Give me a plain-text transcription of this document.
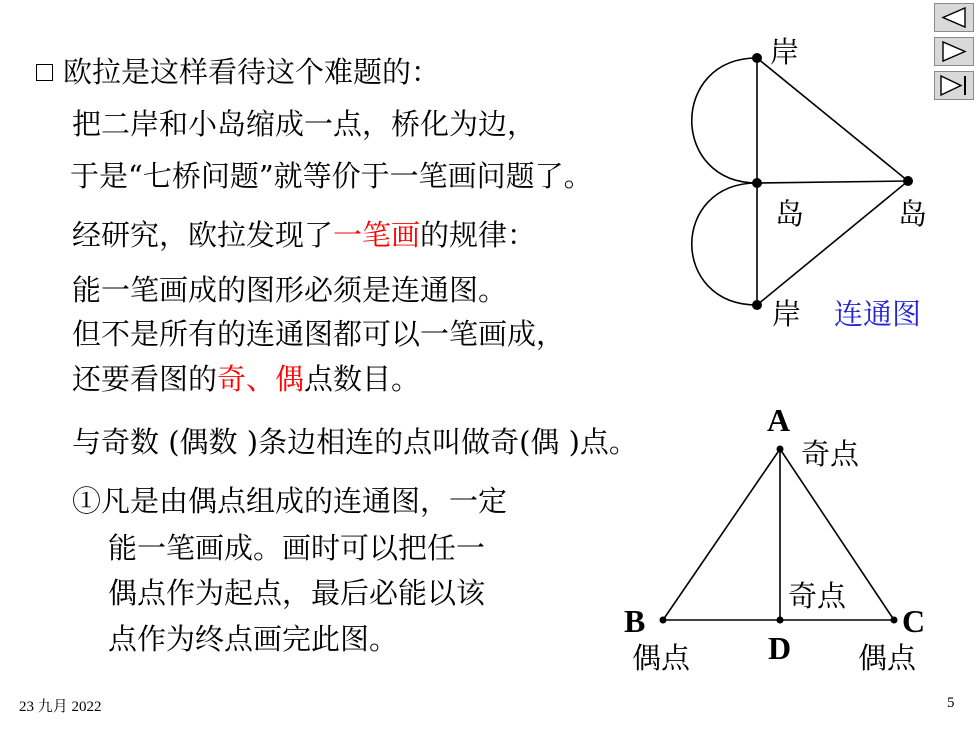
欧拉是这样看待这个难题的：
把二岸和小岛缩成一点，桥化为边，
于是“七桥问题”就等价于一笔画问题了。
经研究，欧拉发现了一笔画的规律：
能一笔画成的图形必须是连通图。
但不是所有的连通图都可以一笔画成，
还要看图的奇、偶点数目。
与奇数 (偶数 )条边相连的点叫做奇(偶 )点。
①凡是由偶点组成的连通图，一定
能一笔画成。画时可以把任一
偶点作为起点，最后必能以该
点作为终点画完此图。
岸
岛	岛
岸 连通图
A
奇点
奇点
B	C
D
偶点	偶点
23 九月 2022	5
